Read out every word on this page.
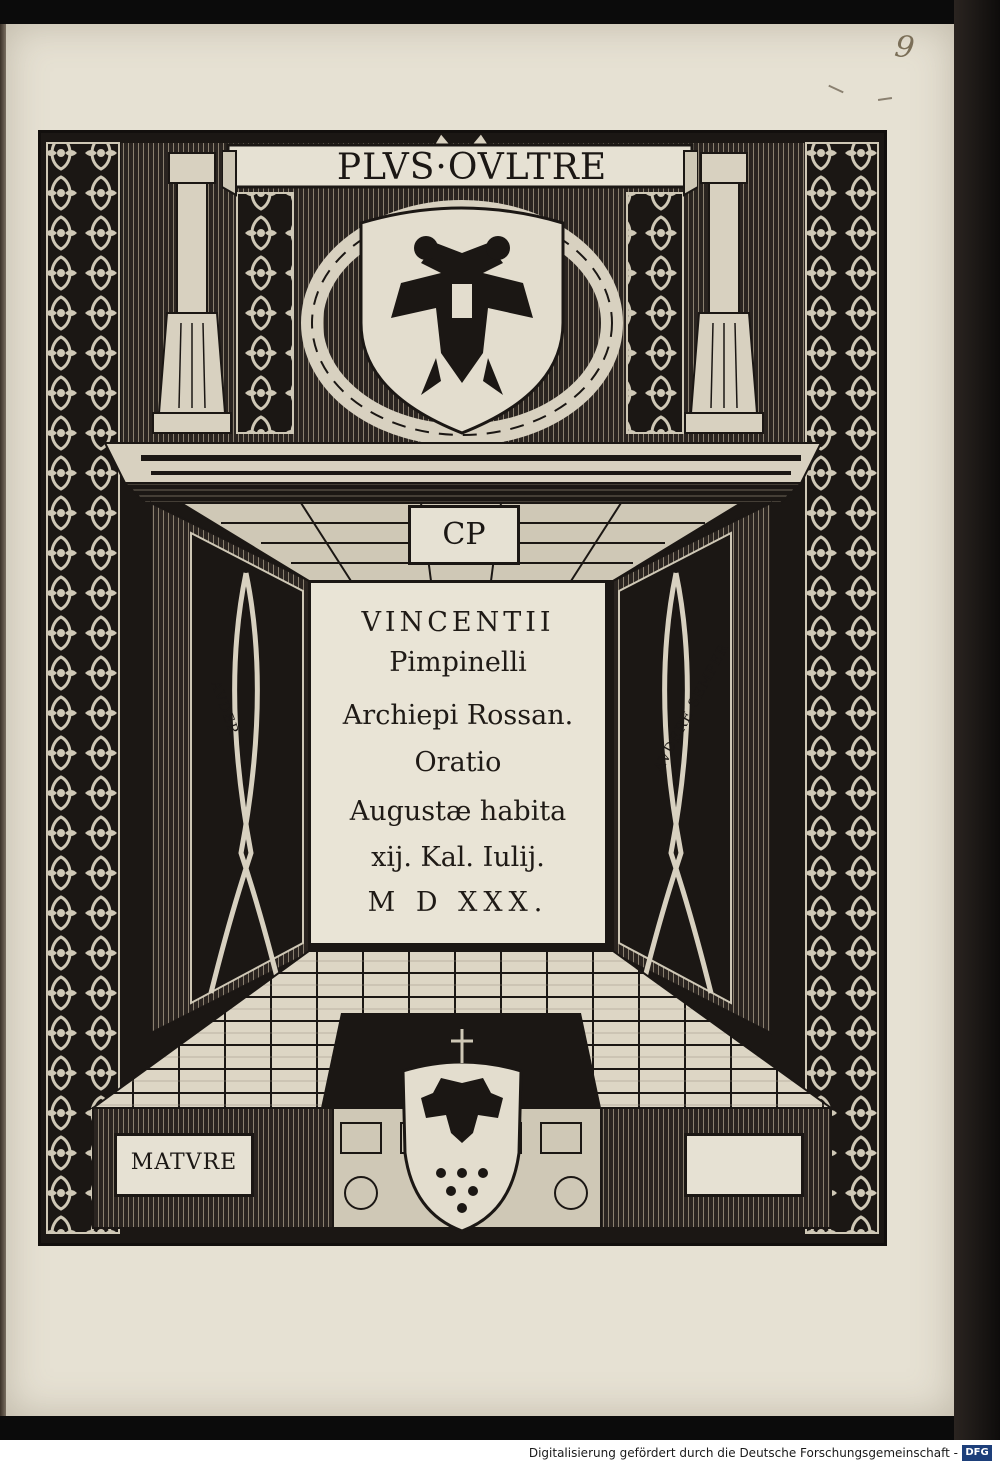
9
PLVS·OVLTRE
CP
AVDER	AVDERE SEMPER
VINCENTII
Pimpinelli
Archiepi Rossan.
Oratio
Augustæ habita
xij. Kal. Iulij.
M D XXX.
MATVRE
Digitalisierung gefördert durch die Deutsche Forschungsgemeinschaft - DFG
